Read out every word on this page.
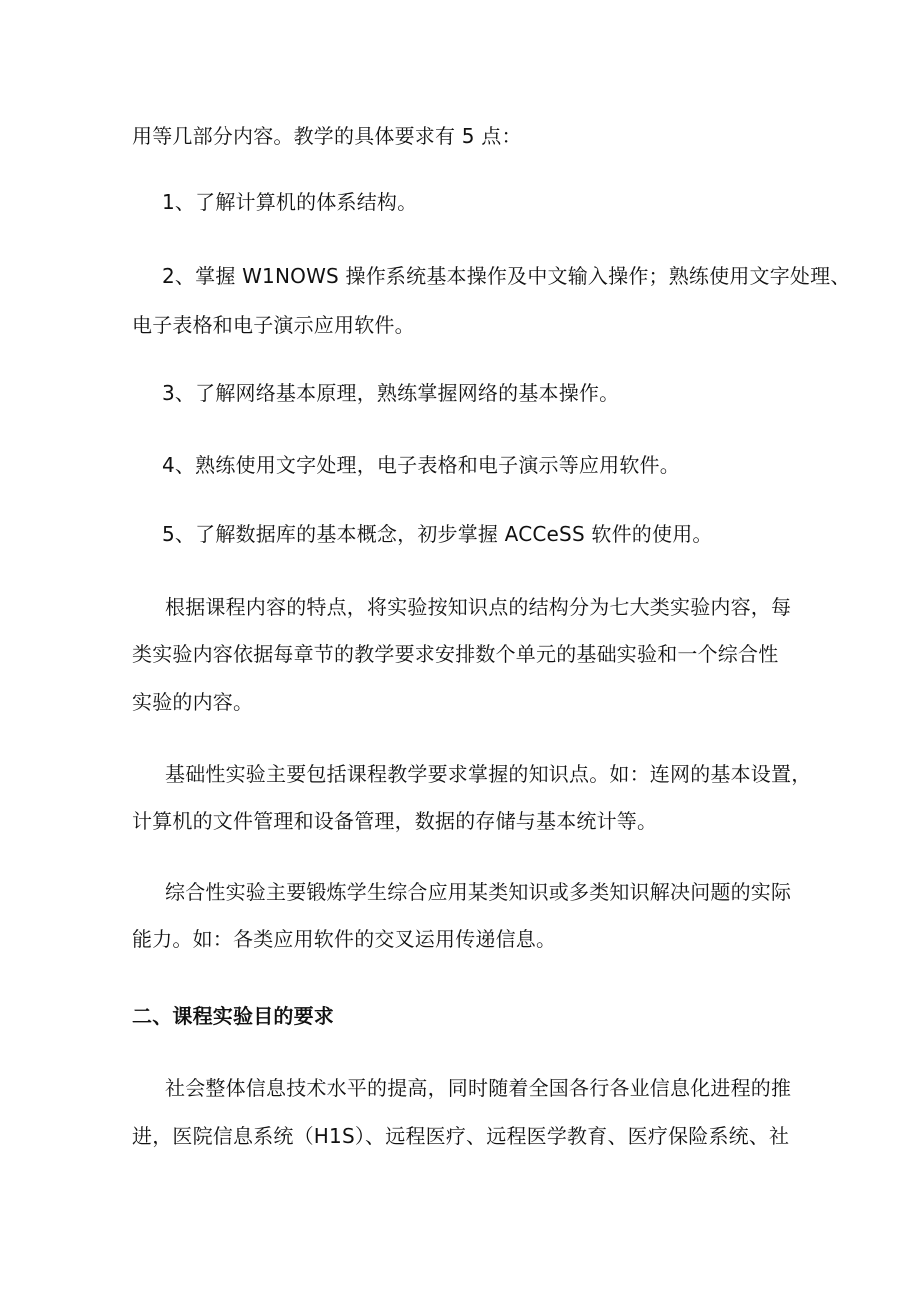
用等几部分内容。教学的具体要求有 5 点：
1、了解计算机的体系结构。
2、掌握 W1NOWS 操作系统基本操作及中文输入操作；熟练使用文字处理、
电子表格和电子演示应用软件。
3、了解网络基本原理，熟练掌握网络的基本操作。
4、熟练使用文字处理，电子表格和电子演示等应用软件。
5、了解数据库的基本概念，初步掌握 ACCeSS 软件的使用。
根据课程内容的特点，将实验按知识点的结构分为七大类实验内容，每
类实验内容依据每章节的教学要求安排数个单元的基础实验和一个综合性
实验的内容。
基础性实验主要包括课程教学要求掌握的知识点。如：连网的基本设置，
计算机的文件管理和设备管理，数据的存储与基本统计等。
综合性实验主要锻炼学生综合应用某类知识或多类知识解决问题的实际
能力。如：各类应用软件的交叉运用传递信息。
二、课程实验目的要求
社会整体信息技术水平的提高，同时随着全国各行各业信息化进程的推
进，医院信息系统（H1S）、远程医疗、远程医学教育、医疗保险系统、社
